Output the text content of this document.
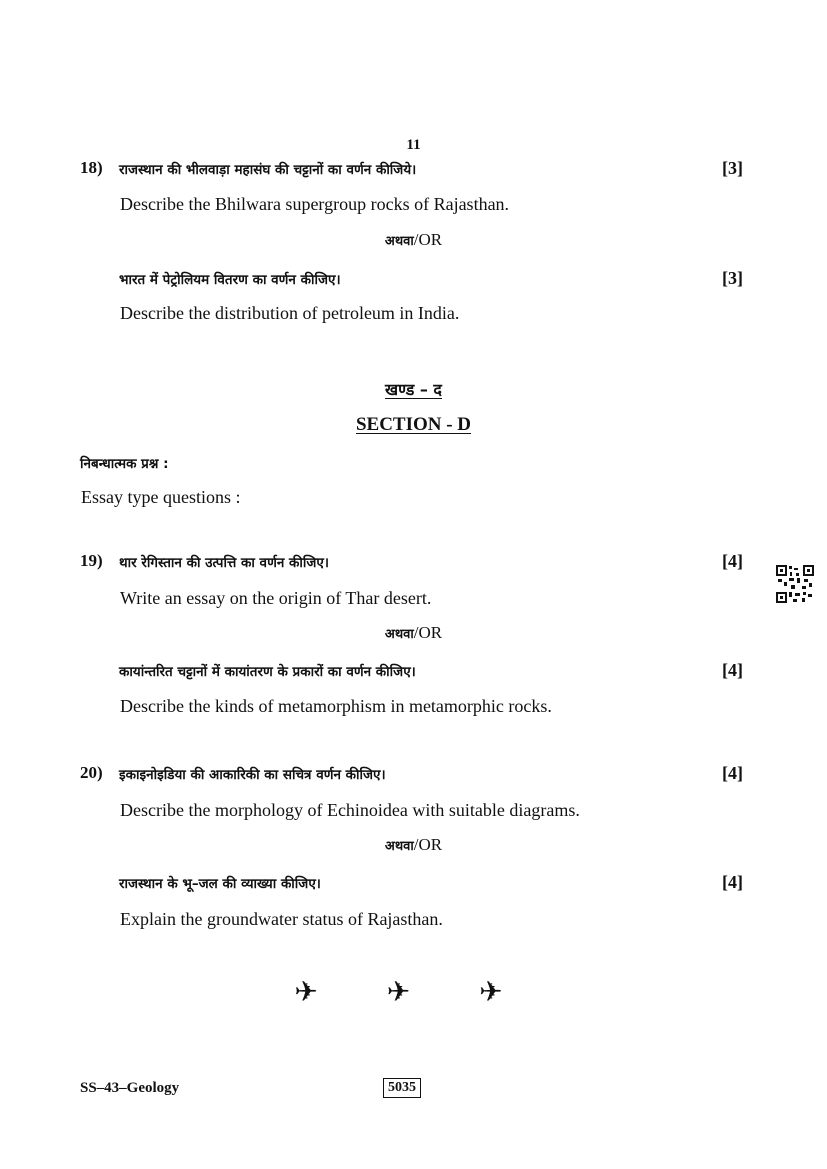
11
18) राजस्थान की भीलवाड़ा महासंघ की चट्टानों का वर्णन कीजिये।	[3]
Describe the Bhilwara supergroup rocks of Rajasthan.
अथवा/OR
भारत में पेट्रोलियम वितरण का वर्णन कीजिए।	[3]
Describe the distribution of petroleum in India.
खण्ड – द
SECTION - D
निबन्धात्मक प्रश्न :
Essay type questions :
19) थार रेगिस्तान की उत्पत्ति का वर्णन कीजिए।	[4]
Write an essay on the origin of Thar desert.
अथवा/OR
कायांन्तरित चट्टानों में कायांतरण के प्रकारों का वर्णन कीजिए।	[4]
Describe the kinds of metamorphism in metamorphic rocks.
20) इकाइनोइडिया की आकारिकी का सचित्र वर्णन कीजिए।	[4]
Describe the morphology of Echinoidea with suitable diagrams.
अथवा/OR
राजस्थान के भू–जल की व्याख्या कीजिए।	[4]
Explain the groundwater status of Rajasthan.
✈ ✈ ✈
SS–43–Geology	5035
